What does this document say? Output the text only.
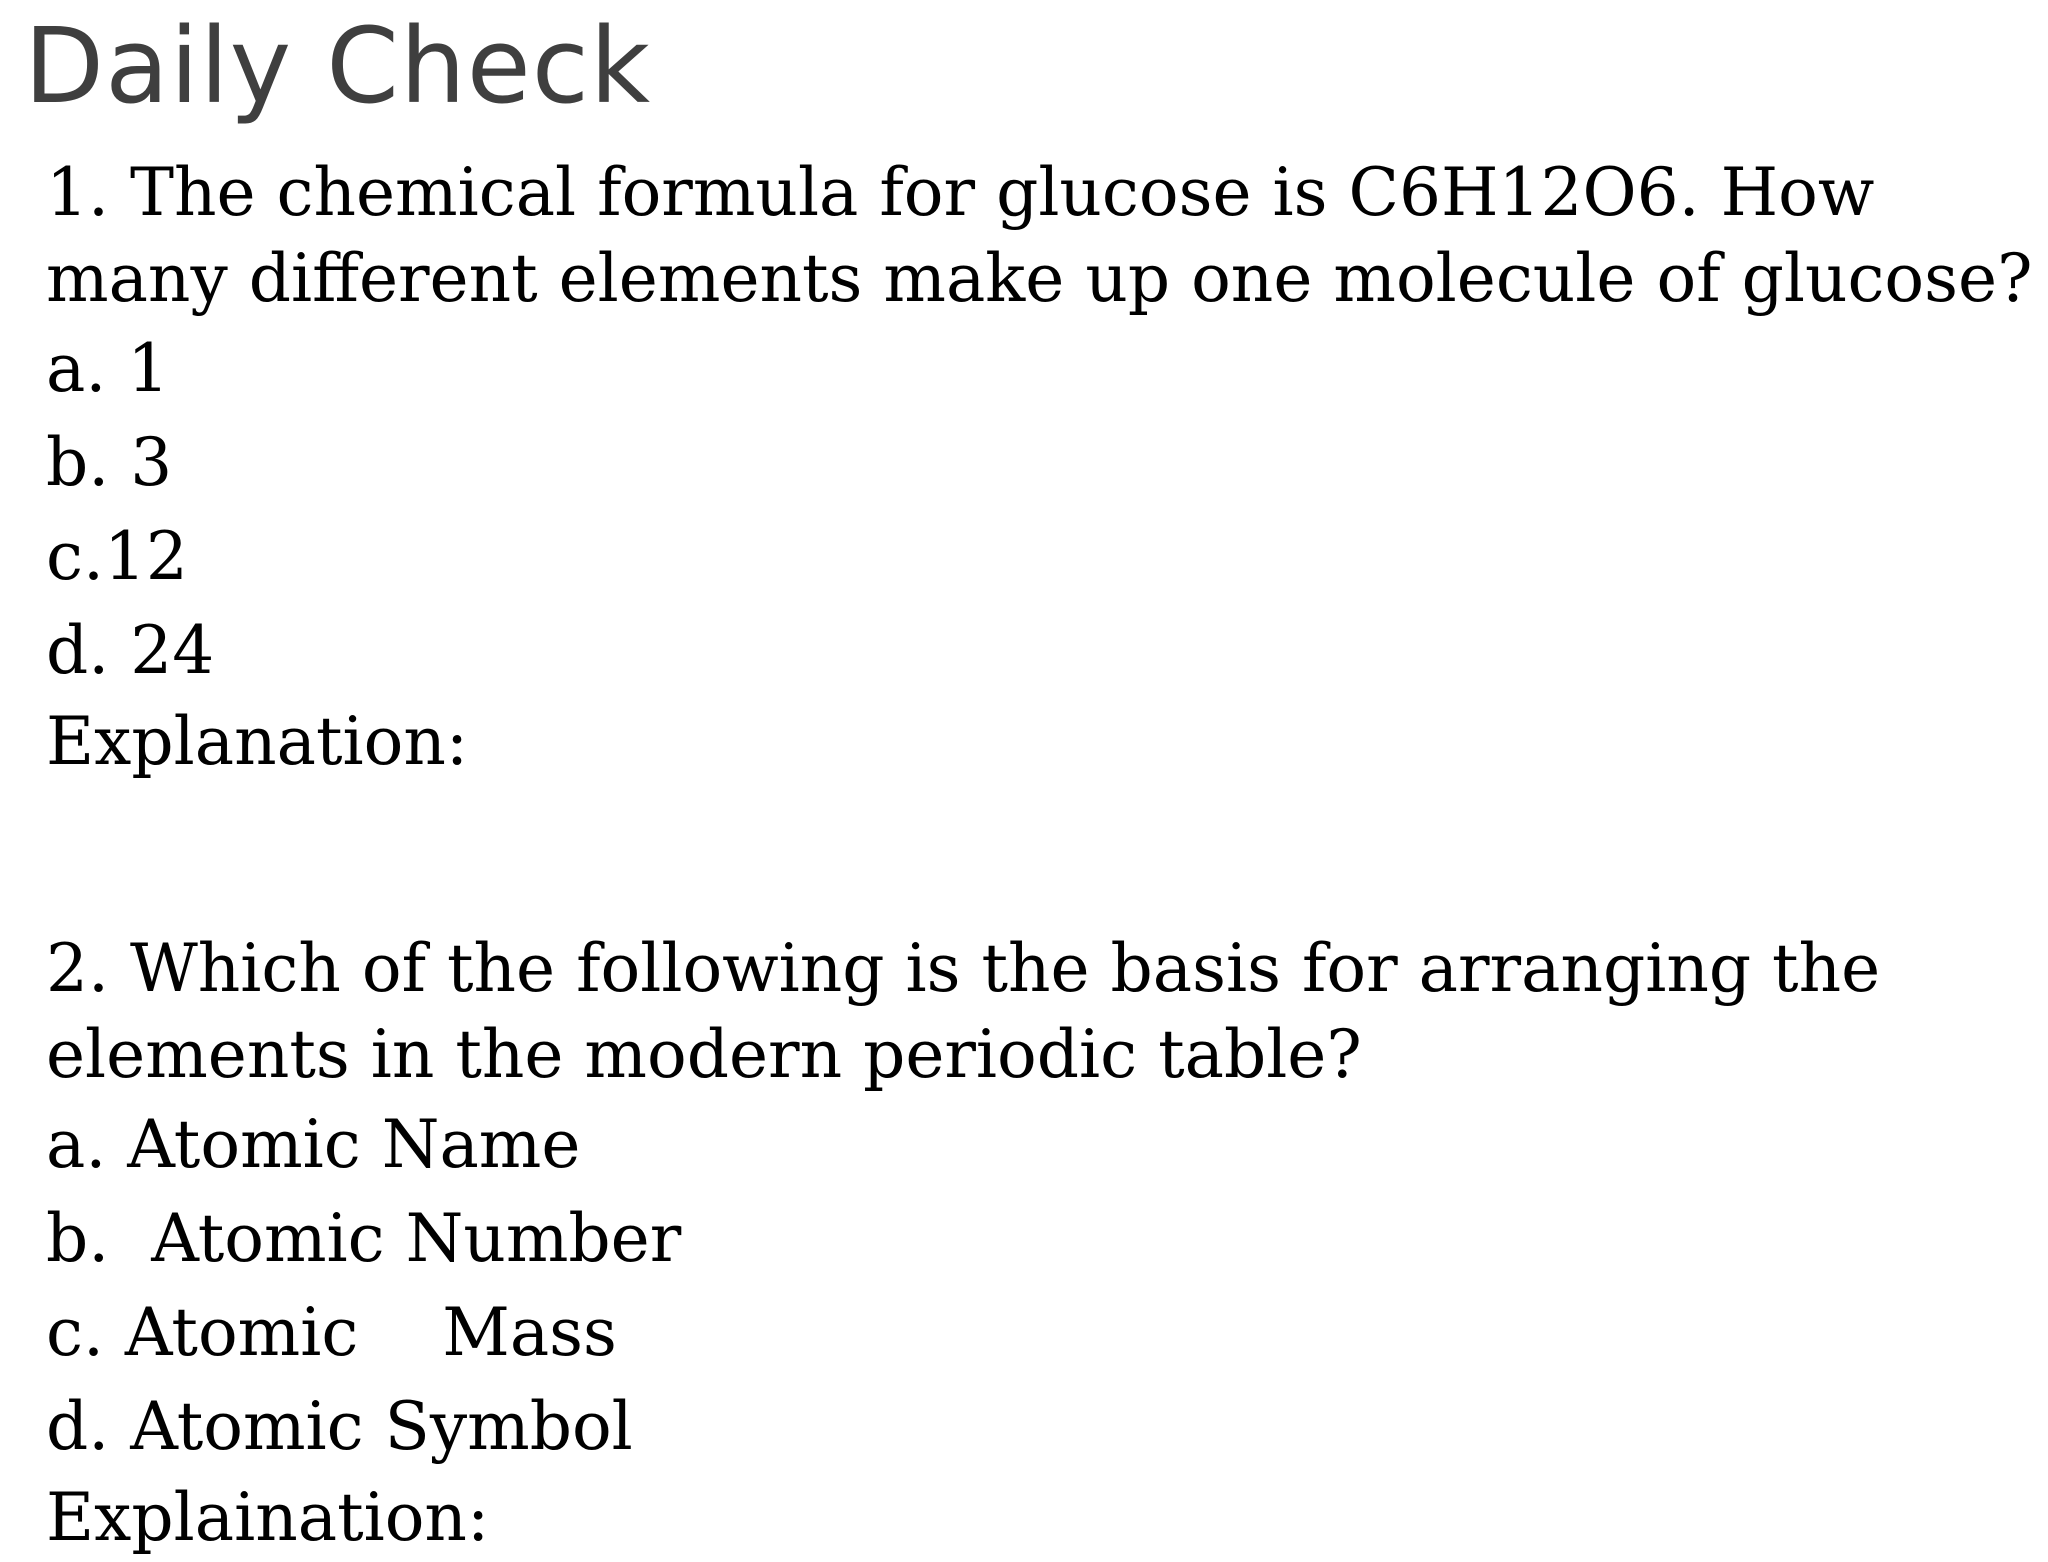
Daily Check
1. The chemical formula for glucose is C6H12O6. How
many different elements make up one molecule of glucose?
a. 1
b. 3
c.12
d. 24
Explanation:
2. Which of the following is the basis for arranging the
elements in the modern periodic table?
a. Atomic Name
b.  Atomic Number
c. Atomic    Mass
d. Atomic Symbol
Explaination:
